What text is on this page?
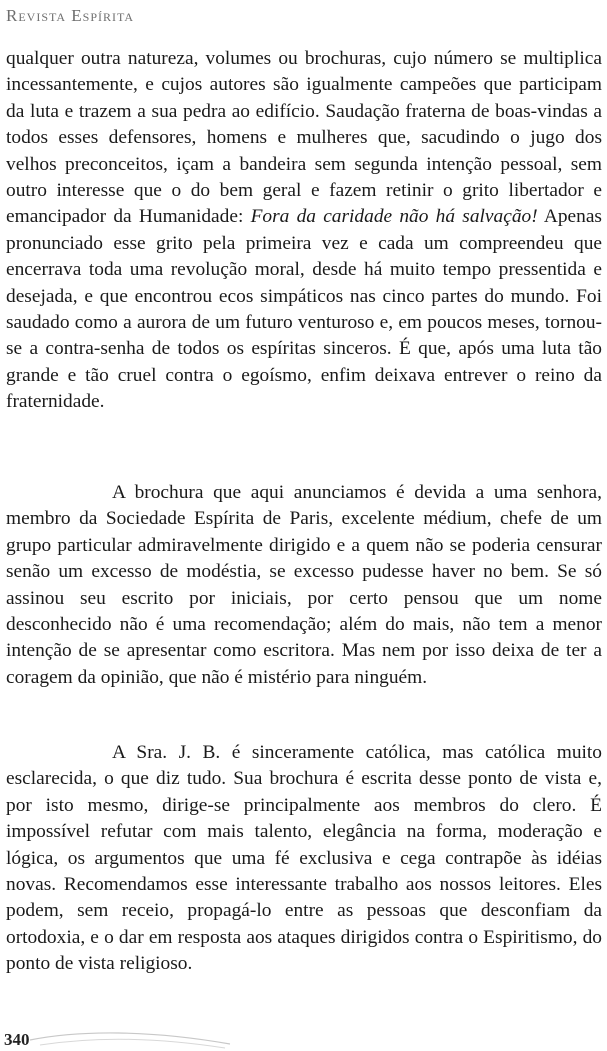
Revista Espírita
qualquer outra natureza, volumes ou brochuras, cujo número se multiplica incessantemente, e cujos autores são igualmente campeões que participam da luta e trazem a sua pedra ao edifício. Saudação fraterna de boas-vindas a todos esses defensores, homens e mulheres que, sacudindo o jugo dos velhos preconceitos, içam a bandeira sem segunda intenção pessoal, sem outro interesse que o do bem geral e fazem retinir o grito libertador e emancipador da Humanidade: Fora da caridade não há salvação! Apenas pronunciado esse grito pela primeira vez e cada um compreendeu que encerrava toda uma revolução moral, desde há muito tempo pressentida e desejada, e que encontrou ecos simpáticos nas cinco partes do mundo. Foi saudado como a aurora de um futuro venturoso e, em poucos meses, tornou-se a contra-senha de todos os espíritas sinceros. É que, após uma luta tão grande e tão cruel contra o egoísmo, enfim deixava entrever o reino da fraternidade.
A brochura que aqui anunciamos é devida a uma senhora, membro da Sociedade Espírita de Paris, excelente médium, chefe de um grupo particular admiravelmente dirigido e a quem não se poderia censurar senão um excesso de modéstia, se excesso pudesse haver no bem. Se só assinou seu escrito por iniciais, por certo pensou que um nome desconhecido não é uma recomendação; além do mais, não tem a menor intenção de se apresentar como escritora. Mas nem por isso deixa de ter a coragem da opinião, que não é mistério para ninguém.
A Sra. J. B. é sinceramente católica, mas católica muito esclarecida, o que diz tudo. Sua brochura é escrita desse ponto de vista e, por isto mesmo, dirige-se principalmente aos membros do clero. É impossível refutar com mais talento, elegância na forma, moderação e lógica, os argumentos que uma fé exclusiva e cega contrapõe às idéias novas. Recomendamos esse interessante trabalho aos nossos leitores. Eles podem, sem receio, propagá-lo entre as pessoas que desconfiam da ortodoxia, e o dar em resposta aos ataques dirigidos contra o Espiritismo, do ponto de vista religioso.
340
